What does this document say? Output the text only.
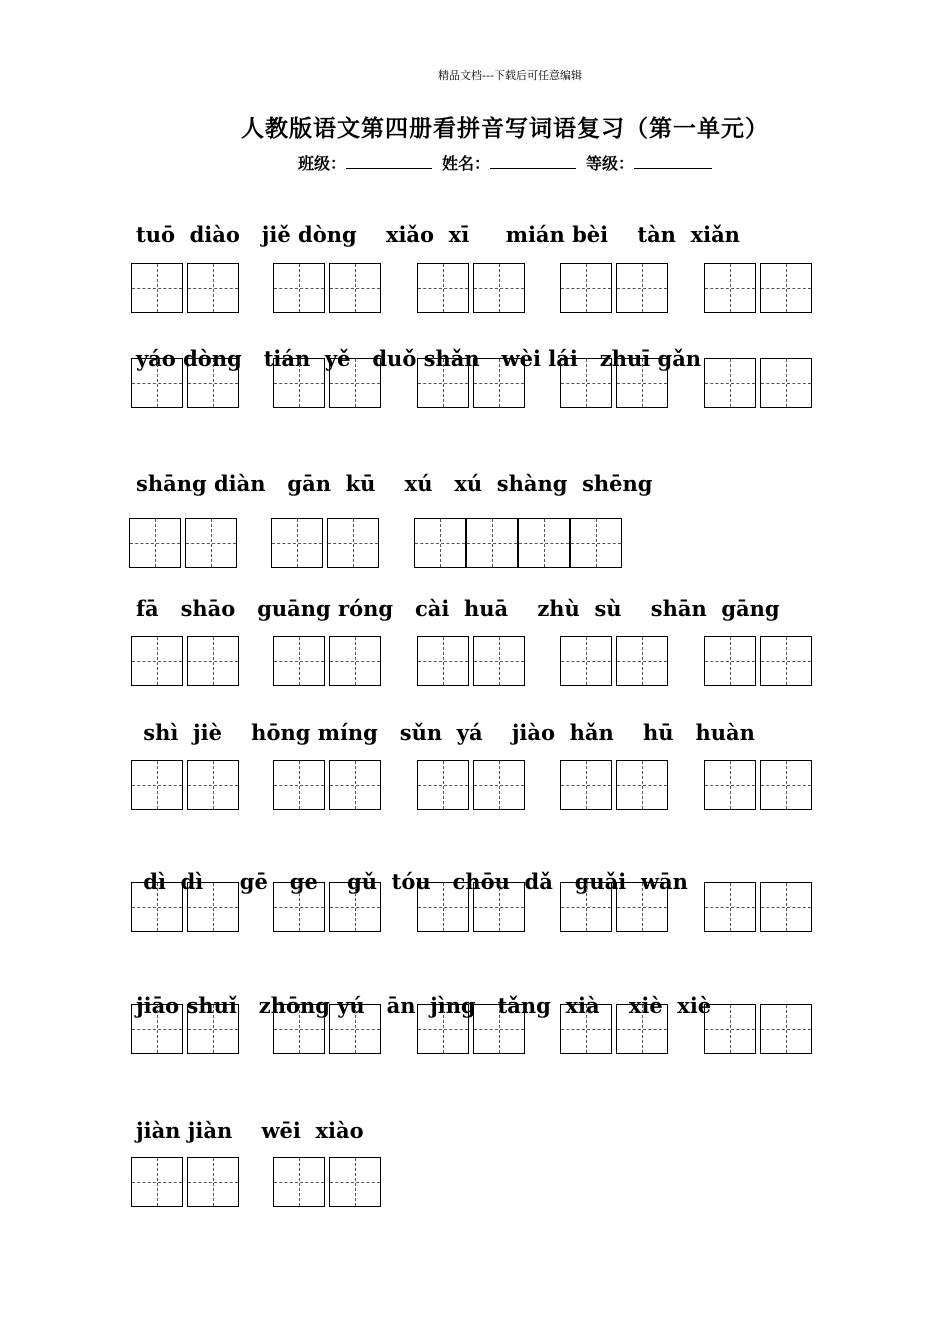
精品文档---下载后可任意编辑
人教版语文第四册看拼音写词语复习（第一单元）
班级：	姓名：	等级：
tuō  diào   jiě dòng    xiǎo  xī     mián bèi    tàn  xiǎn
yáo dòng   tián  yě   duǒ shǎn   wèi lái   zhuī gǎn
shāng diàn   gān  kū    xú   xú  shàng  shēng
fā   shāo   guāng róng   cài  huā    zhù  sù    shān  gāng
shì  jiè    hōng míng   sǔn  yá    jiào  hǎn    hū   huàn
dì  dì     gē   ge    gǔ  tóu   chōu  dǎ   guǎi  wān
jiāo shuǐ   zhōng yú   ān  jìng   tǎng  xià    xiè  xiè
jiàn jiàn    wēi  xiào
